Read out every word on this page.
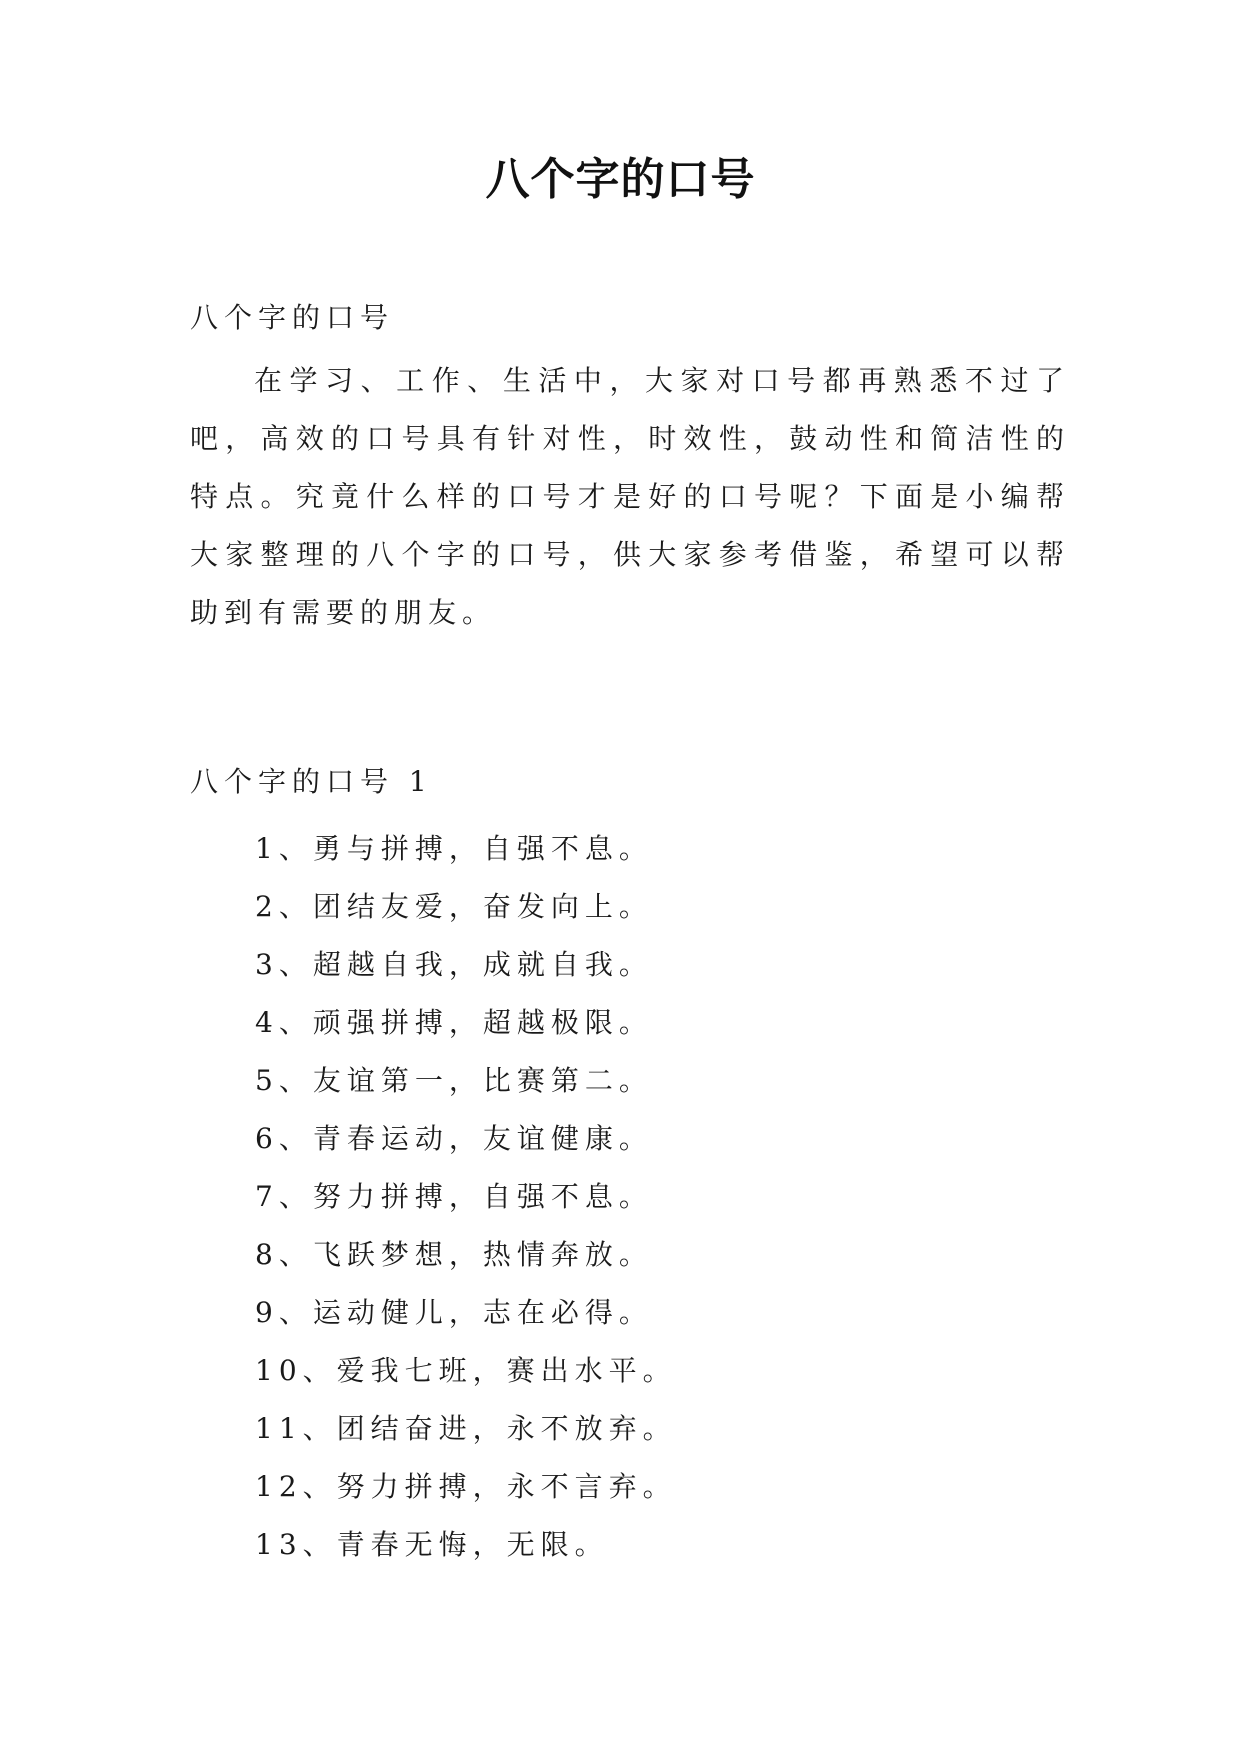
八个字的口号
八个字的口号
在学习、工作、生活中，大家对口号都再熟悉不过了吧，高效的口号具有针对性，时效性，鼓动性和简洁性的特点。究竟什么样的口号才是好的口号呢？下面是小编帮大家整理的八个字的口号，供大家参考借鉴，希望可以帮助到有需要的朋友。
八个字的口号 1
1、勇与拼搏，自强不息。
2、团结友爱，奋发向上。
3、超越自我，成就自我。
4、顽强拼搏，超越极限。
5、友谊第一，比赛第二。
6、青春运动，友谊健康。
7、努力拼搏，自强不息。
8、飞跃梦想，热情奔放。
9、运动健儿，志在必得。
10、爱我七班，赛出水平。
11、团结奋进，永不放弃。
12、努力拼搏，永不言弃。
13、青春无悔，无限。
